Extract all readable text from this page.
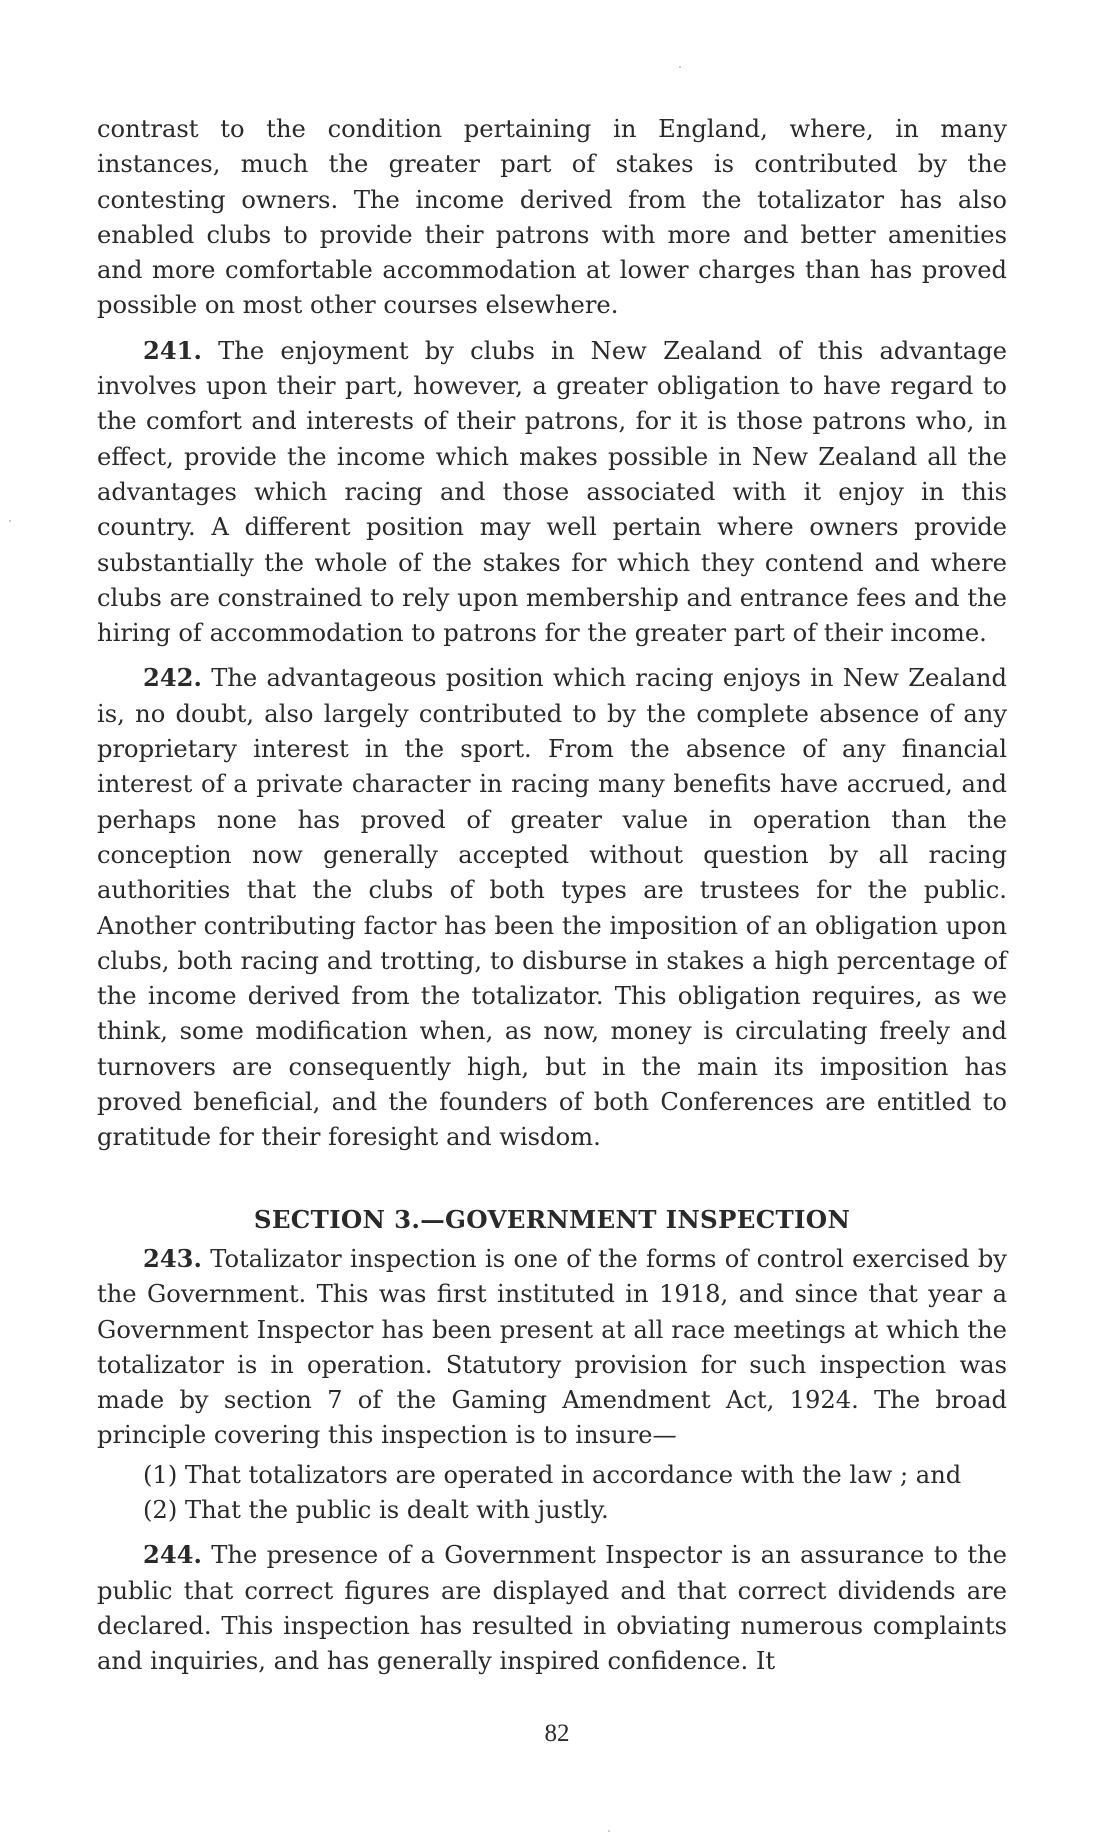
contrast to the condition pertaining in England, where, in many instances, much the greater part of stakes is contributed by the contesting owners. The income derived from the totalizator has also enabled clubs to provide their patrons with more and better amenities and more comfortable accommodation at lower charges than has proved possible on most other courses elsewhere.

241. The enjoyment by clubs in New Zealand of this advantage involves upon their part, however, a greater obligation to have regard to the comfort and interests of their patrons, for it is those patrons who, in effect, provide the income which makes possible in New Zealand all the advantages which racing and those associated with it enjoy in this country. A different position may well pertain where owners provide substantially the whole of the stakes for which they contend and where clubs are constrained to rely upon membership and entrance fees and the hiring of accommodation to patrons for the greater part of their income.

242. The advantageous position which racing enjoys in New Zealand is, no doubt, also largely contributed to by the complete absence of any proprietary interest in the sport. From the absence of any financial interest of a private character in racing many benefits have accrued, and perhaps none has proved of greater value in operation than the conception now generally accepted without question by all racing authorities that the clubs of both types are trustees for the public. Another contributing factor has been the imposition of an obligation upon clubs, both racing and trotting, to disburse in stakes a high percentage of the income derived from the totalizator. This obligation requires, as we think, some modification when, as now, money is circulating freely and turnovers are consequently high, but in the main its imposition has proved beneficial, and the founders of both Conferences are entitled to gratitude for their foresight and wisdom.

SECTION 3.—GOVERNMENT INSPECTION

243. Totalizator inspection is one of the forms of control exercised by the Government. This was first instituted in 1918, and since that year a Government Inspector has been present at all race meetings at which the totalizator is in operation. Statutory provision for such inspection was made by section 7 of the Gaming Amendment Act, 1924. The broad principle covering this inspection is to insure—

(1) That totalizators are operated in accordance with the law ; and

(2) That the public is dealt with justly.

244. The presence of a Government Inspector is an assurance to the public that correct figures are displayed and that correct dividends are declared. This inspection has resulted in obviating numerous complaints and inquiries, and has generally inspired confidence. It

82
